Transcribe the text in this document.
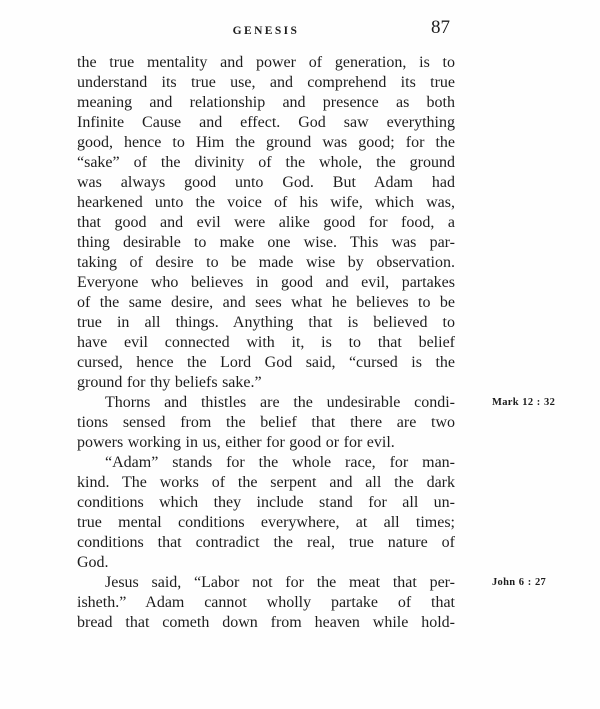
GENESIS	87
the true mentality and power of generation, is to
understand its true use, and comprehend its true
meaning and relationship and presence as both
Infinite Cause and effect. God saw everything
good, hence to Him the ground was good; for the
“sake” of the divinity of the whole, the ground
was always good unto God. But Adam had
hearkened unto the voice of his wife, which was,
that good and evil were alike good for food, a
thing desirable to make one wise. This was par-
taking of desire to be made wise by observation.
Everyone who believes in good and evil, partakes
of the same desire, and sees what he believes to be
true in all things. Anything that is believed to
have evil connected with it, is to that belief
cursed, hence the Lord God said, “cursed is the
ground for thy beliefs sake.”
Thorns and thistles are the undesirable condi-	Mark 12 : 32
tions sensed from the belief that there are two
powers working in us, either for good or for evil.
“Adam” stands for the whole race, for man-
kind. The works of the serpent and all the dark
conditions which they include stand for all un-
true mental conditions everywhere, at all times;
conditions that contradict the real, true nature of
God.
Jesus said, “Labor not for the meat that per-	John 6 : 27
isheth.” Adam cannot wholly partake of that
bread that cometh down from heaven while hold-
